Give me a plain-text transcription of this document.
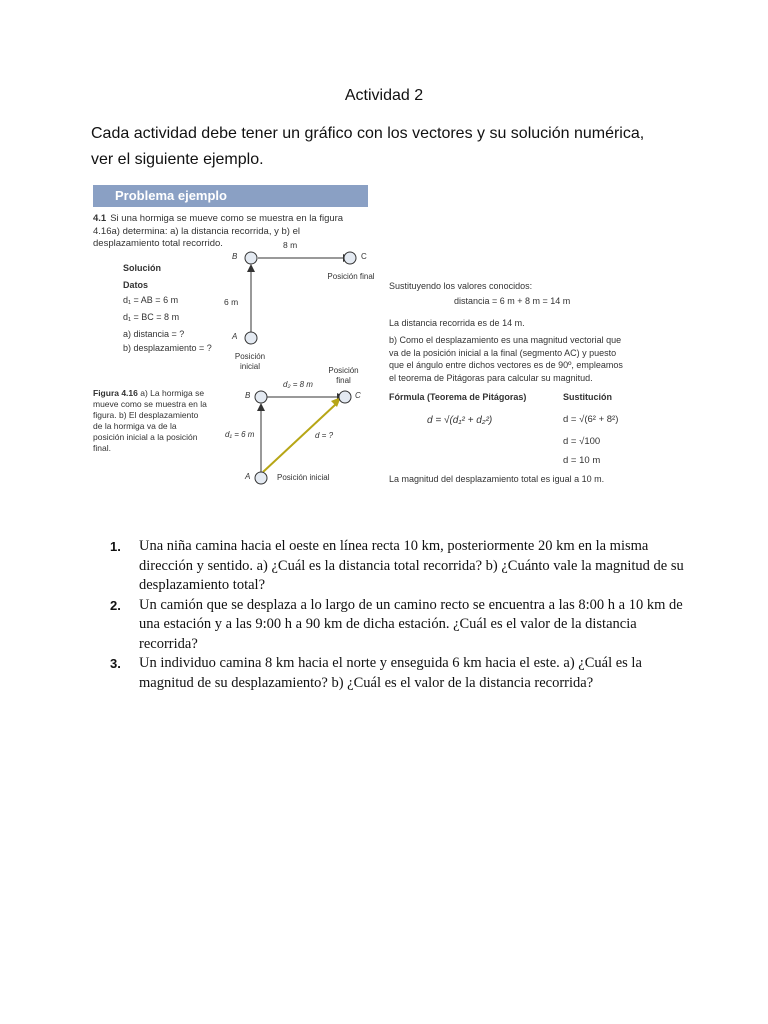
Actividad 2
Cada actividad debe tener un gráfico con los vectores y su solución numérica,
ver el siguiente ejemplo.
Problema ejemplo
4.1 Si una hormiga se mueve como se muestra en la figura 4.16a) determina: a) la distancia recorrida, y b) el desplazamiento total recorrido.
Solución
Datos
d₁ = AB = 6 m
d₁ = BC = 8 m
a) distancia = ?
b) desplazamiento = ?
Figura 4.16 a) La hormiga se mueve como se muestra en la figura. b) El desplazamiento de la hormiga va de la posición inicial a la posición final.
B	C
A
8 m
6 m
Posición final
Posición inicial
B	C
A
d₂ = 8 m
d₁ = 6 m	d = ?
Posición final
Posición inicial
Sustituyendo los valores conocidos:
distancia = 6 m + 8 m = 14 m
La distancia recorrida es de 14 m.
b) Como el desplazamiento es una magnitud vectorial que va de la posición inicial a la final (segmento AC) y puesto que el ángulo entre dichos vectores es de 90º, empleamos el teorema de Pitágoras para calcular su magnitud.
Fórmula (Teorema de Pitágoras)	Sustitución
d = √(d₁² + d₂²)	d = √(6² + 8²)
d = √100
d = 10 m
La magnitud del desplazamiento total es igual a 10 m.
1. Una niña camina hacia el oeste en línea recta 10 km, posteriormente 20 km en la misma dirección y sentido. a) ¿Cuál es la distancia total recorrida? b) ¿Cuánto vale la magnitud de su desplazamiento total?
2. Un camión que se desplaza a lo largo de un camino recto se encuentra a las 8:00 h a 10 km de una estación y a las 9:00 h a 90 km de dicha estación. ¿Cuál es el valor de la distancia recorrida?
3. Un individuo camina 8 km hacia el norte y enseguida 6 km hacia el este. a) ¿Cuál es la magnitud de su desplazamiento? b) ¿Cuál es el valor de la distancia recorrida?
